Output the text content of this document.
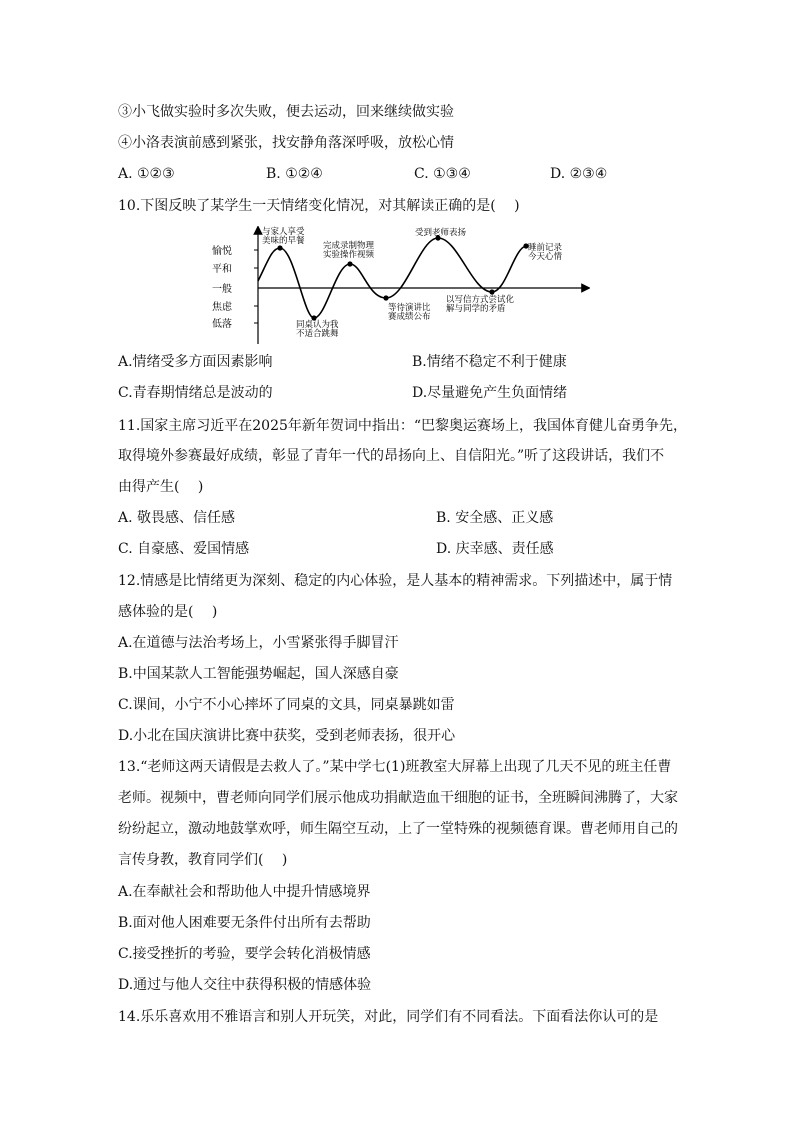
③小飞做实验时多次失败，便去运动，回来继续做实验
④小洛表演前感到紧张，找安静角落深呼吸，放松心情
A. ①②③	B. ①②④	C. ①③④	D. ②③④
10.下图反映了某学生一天情绪变化情况，对其解读正确的是(　 )
愉悦
平和
一般
焦虑
低落
与家人享受
美味的早餐 完成录制物理
实验操作视频
受到老师表扬
睡前记录
今天心情
同桌认为我
不适合跳舞
等待演讲比
赛成绩公布
以写信方式尝试化
解与同学的矛盾
A.情绪受多方面因素影响	B.情绪不稳定不利于健康
C.青春期情绪总是波动的	D.尽量避免产生负面情绪
11.国家主席习近平在2025年新年贺词中指出：“巴黎奥运赛场上，我国体育健儿奋勇争先，
取得境外参赛最好成绩，彰显了青年一代的昂扬向上、自信阳光。”听了这段讲话，我们不
由得产生(　 )
A. 敬畏感、信任感	B. 安全感、正义感
C. 自豪感、爱国情感	D. 庆幸感、责任感
12.情感是比情绪更为深刻、稳定的内心体验，是人基本的精神需求。下列描述中，属于情
感体验的是(　 )
A.在道德与法治考场上，小雪紧张得手脚冒汗
B.中国某款人工智能强势崛起，国人深感自豪
C.课间，小宁不小心摔坏了同桌的文具，同桌暴跳如雷
D.小北在国庆演讲比赛中获奖，受到老师表扬，很开心
13.“老师这两天请假是去救人了。”某中学七(1)班教室大屏幕上出现了几天不见的班主任曹
老师。视频中，曹老师向同学们展示他成功捐献造血干细胞的证书，全班瞬间沸腾了，大家
纷纷起立，激动地鼓掌欢呼，师生隔空互动，上了一堂特殊的视频德育课。曹老师用自己的
言传身教，教育同学们(　 )
A.在奉献社会和帮助他人中提升情感境界
B.面对他人困难要无条件付出所有去帮助
C.接受挫折的考验，要学会转化消极情感
D.通过与他人交往中获得积极的情感体验
14.乐乐喜欢用不雅语言和别人开玩笑，对此，同学们有不同看法。下面看法你认可的是
